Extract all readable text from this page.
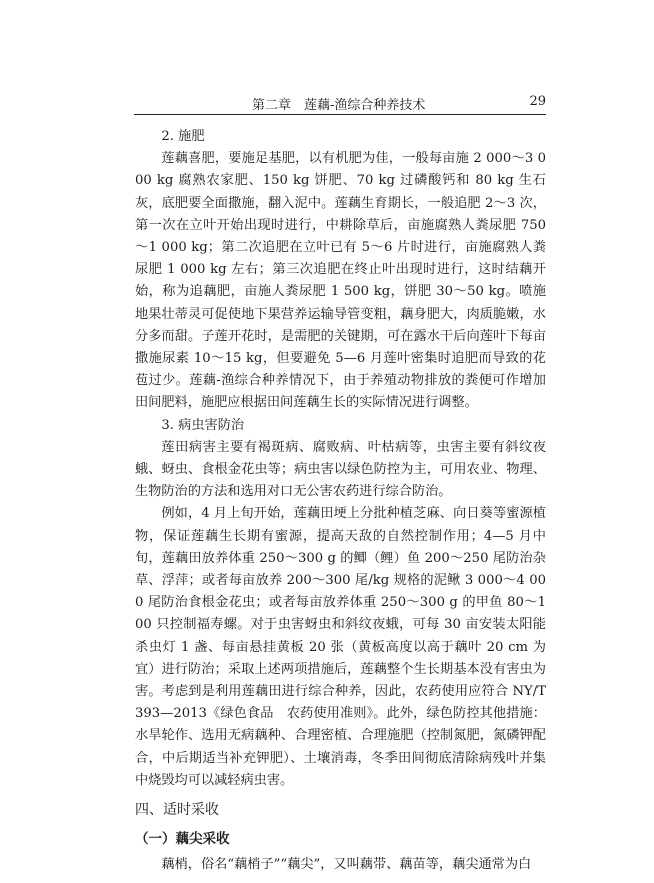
第二章　莲藕-渔综合种养技术	29

2. 施肥

莲藕喜肥，要施足基肥，以有机肥为佳，一般每亩施 2 000～3 000 kg 腐熟农家肥、150 kg 饼肥、70 kg 过磷酸钙和 80 kg 生石灰，底肥要全面撒施，翻入泥中。莲藕生育期长，一般追肥 2～3 次，第一次在立叶开始出现时进行，中耕除草后，亩施腐熟人粪尿肥 750～1 000 kg；第二次追肥在立叶已有 5～6 片时进行，亩施腐熟人粪尿肥 1 000 kg 左右；第三次追肥在终止叶出现时进行，这时结藕开始，称为追藕肥，亩施人粪尿肥 1 500 kg，饼肥 30～50 kg。喷施地果壮蒂灵可促使地下果营养运输导管变粗，藕身肥大，肉质脆嫩，水分多而甜。子莲开花时，是需肥的关键期，可在露水干后向莲叶下每亩撒施尿素 10～15 kg，但要避免 5—6 月莲叶密集时追肥而导致的花苞过少。莲藕-渔综合种养情况下，由于养殖动物排放的粪便可作增加田间肥料，施肥应根据田间莲藕生长的实际情况进行调整。

3. 病虫害防治

莲田病害主要有褐斑病、腐败病、叶枯病等，虫害主要有斜纹夜蛾、蚜虫、食根金花虫等；病虫害以绿色防控为主，可用农业、物理、生物防治的方法和选用对口无公害农药进行综合防治。

例如，4 月上旬开始，莲藕田埂上分批种植芝麻、向日葵等蜜源植物，保证莲藕生长期有蜜源，提高天敌的自然控制作用；4—5 月中旬，莲藕田放养体重 250～300 g 的鲫（鲤）鱼 200～250 尾防治杂草、浮萍；或者每亩放养 200～300 尾/kg 规格的泥鳅 3 000～4 000 尾防治食根金花虫；或者每亩放养体重 250～300 g 的甲鱼 80～100 只控制福寿螺。对于虫害蚜虫和斜纹夜蛾，可每 30 亩安装太阳能杀虫灯 1 盏、每亩悬挂黄板 20 张（黄板高度以高于藕叶 20 cm 为宜）进行防治；采取上述两项措施后，莲藕整个生长期基本没有害虫为害。考虑到是利用莲藕田进行综合种养，因此，农药使用应符合 NY/T 393—2013《绿色食品　农药使用准则》。此外，绿色防控其他措施：水旱轮作、选用无病藕种、合理密植、合理施肥（控制氮肥，氮磷钾配合，中后期适当补充钾肥）、土壤消毒，冬季田间彻底清除病残叶并集中烧毁均可以减轻病虫害。

四、适时采收

（一）藕尖采收

藕梢，俗名“藕梢子”“藕尖”，又叫藕带、藕苗等，藕尖通常为白
